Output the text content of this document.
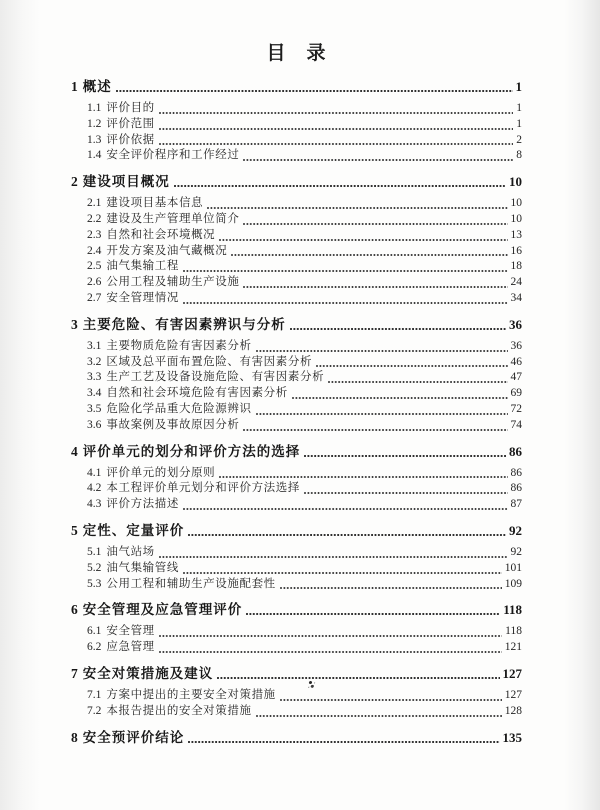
目　录
1 概述	1
1.1 评价目的	1
1.2 评价范围	1
1.3 评价依据	2
1.4 安全评价程序和工作经过	8
2 建设项目概况	10
2.1 建设项目基本信息	10
2.2 建设及生产管理单位简介	10
2.3 自然和社会环境概况	13
2.4 开发方案及油气藏概况	16
2.5 油气集输工程	18
2.6 公用工程及辅助生产设施	24
2.7 安全管理情况	34
3 主要危险、有害因素辨识与分析	36
3.1 主要物质危险有害因素分析	36
3.2 区域及总平面布置危险、有害因素分析	46
3.3 生产工艺及设备设施危险、有害因素分析	47
3.4 自然和社会环境危险有害因素分析	69
3.5 危险化学品重大危险源辨识	72
3.6 事故案例及事故原因分析	74
4 评价单元的划分和评价方法的选择	86
4.1 评价单元的划分原则	86
4.2 本工程评价单元划分和评价方法选择	86
4.3 评价方法描述	87
5 定性、定量评价	92
5.1 油气站场	92
5.2 油气集输管线	101
5.3 公用工程和辅助生产设施配套性	109
6 安全管理及应急管理评价	118
6.1 安全管理	118
6.2 应急管理	121
7 安全对策措施及建议	127
7.1 方案中提出的主要安全对策措施	127
7.2 本报告提出的安全对策措施	128
8 安全预评价结论	135
